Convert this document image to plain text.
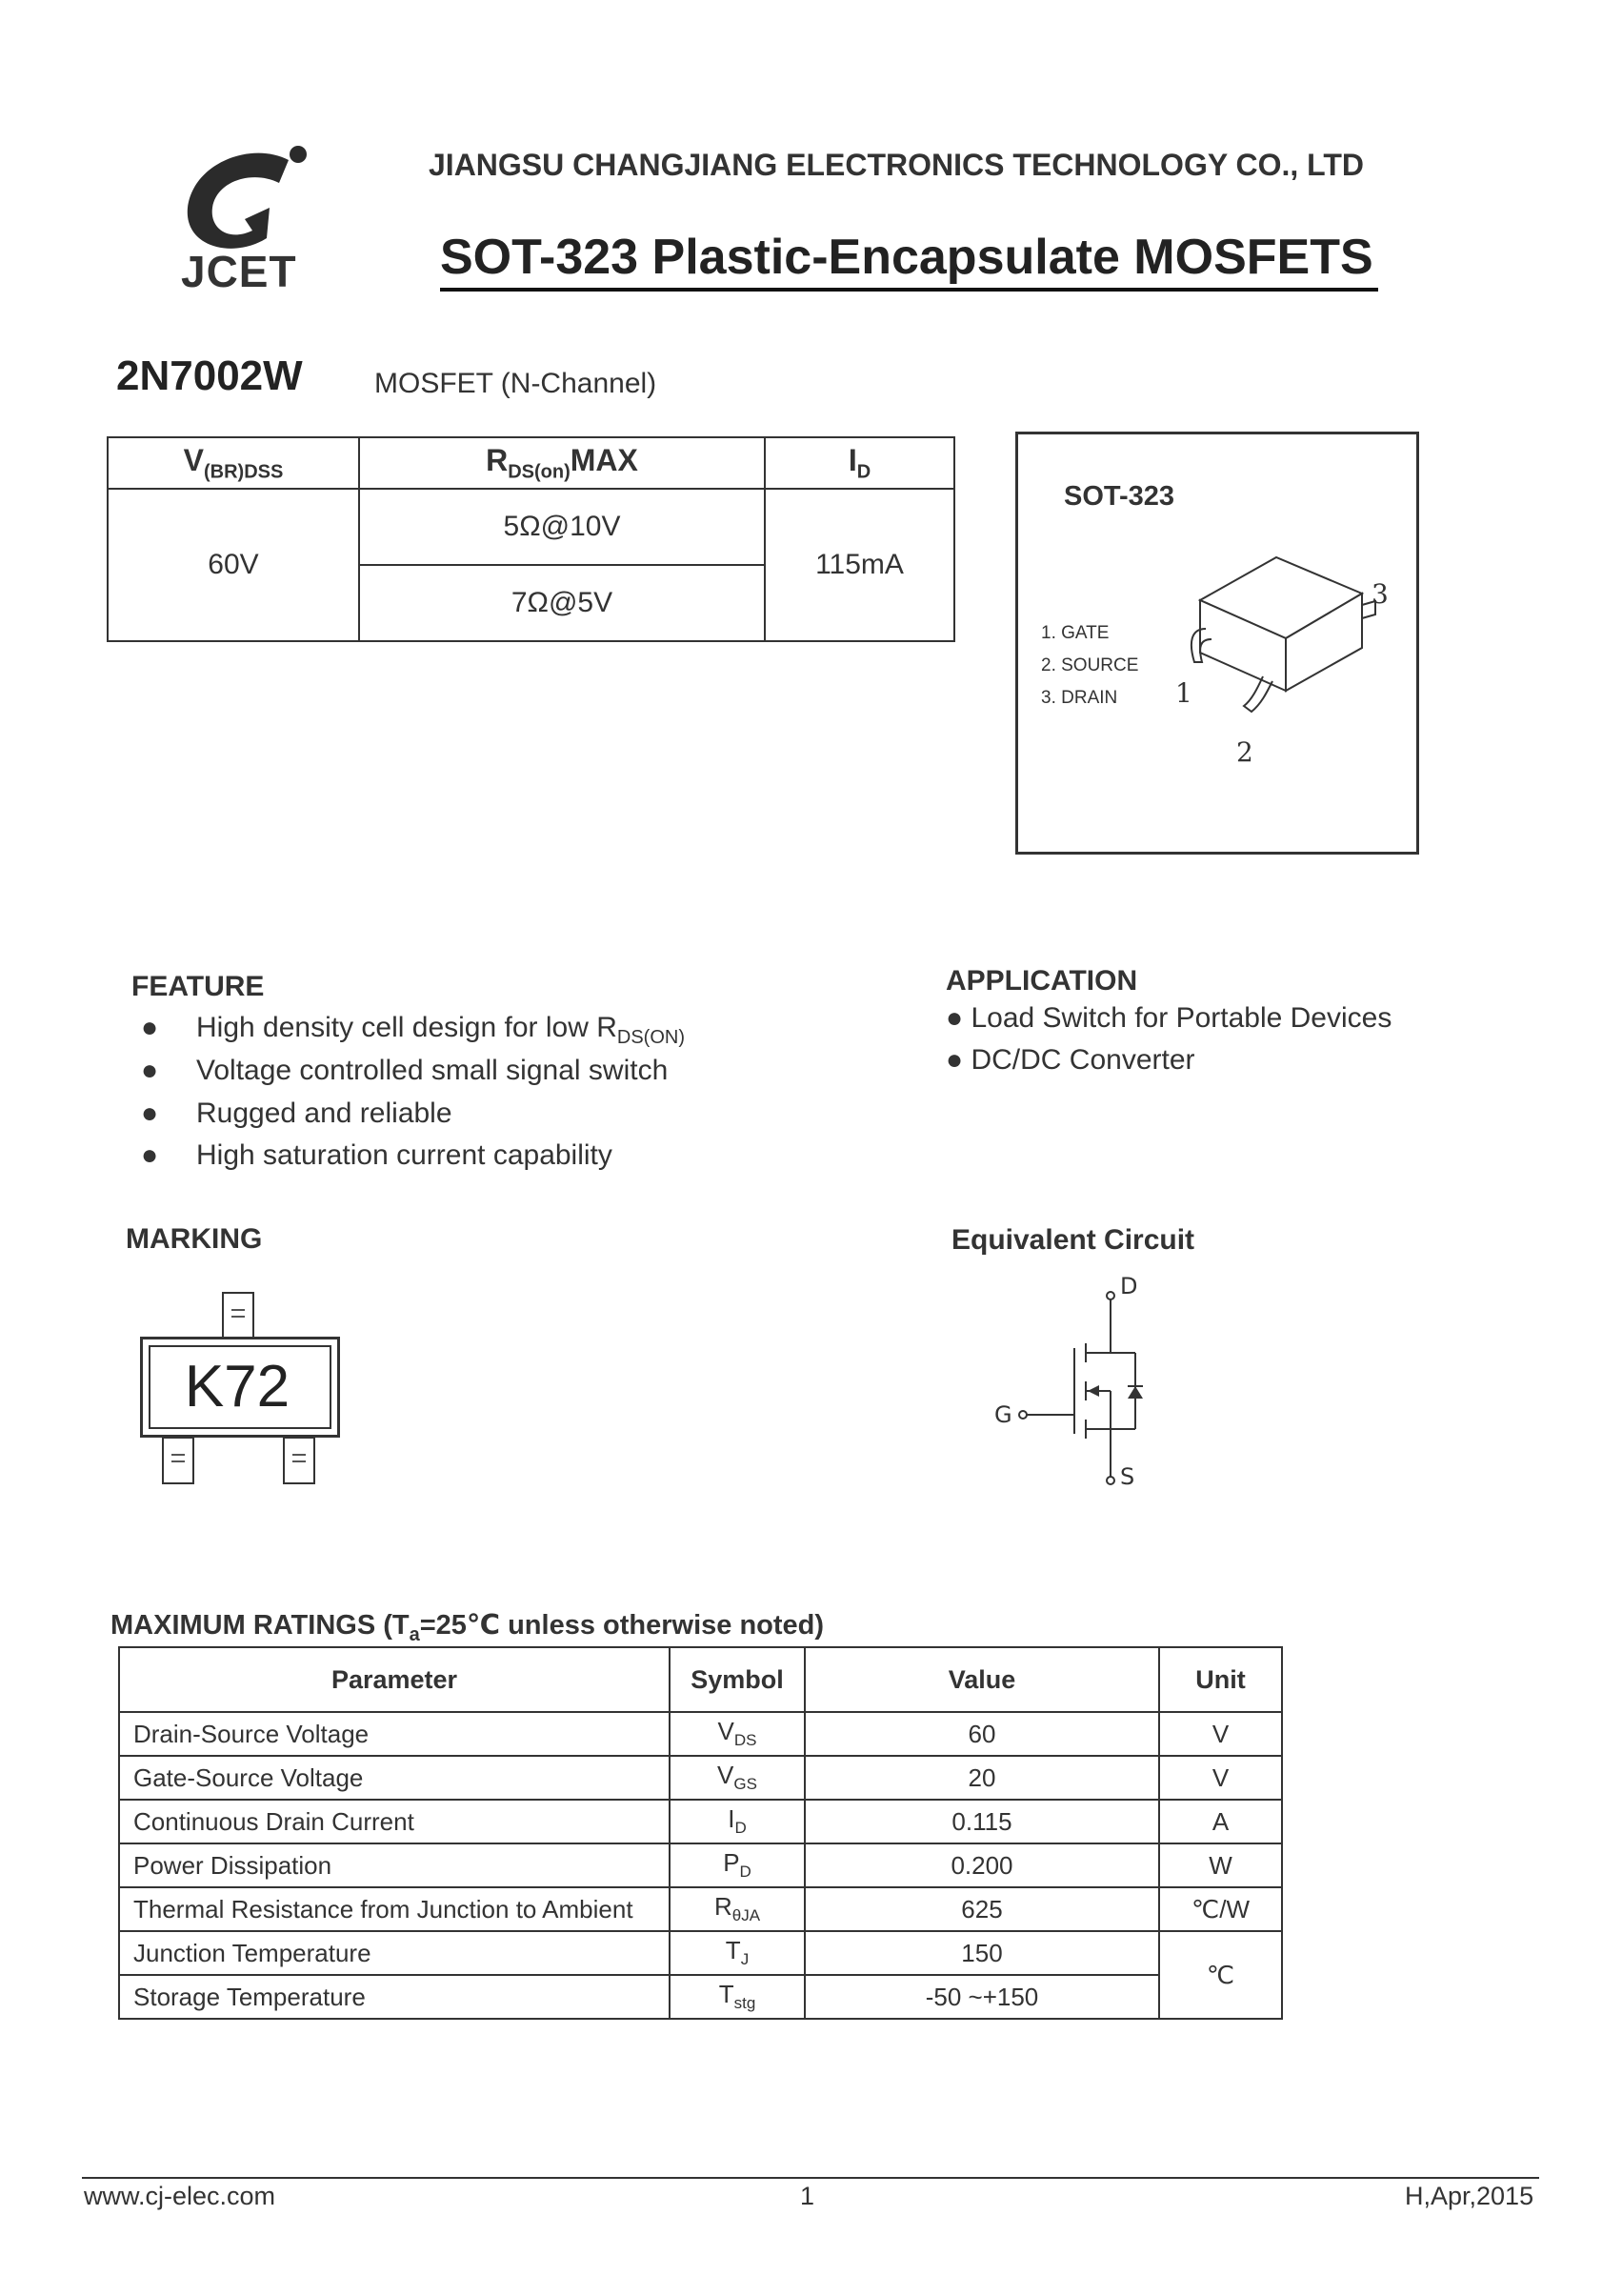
JCET
JIANGSU CHANGJIANG ELECTRONICS TECHNOLOGY CO., LTD
SOT-323 Plastic-Encapsulate MOSFETS
2N7002W	MOSFET (N-Channel)
$V_{(BR)DSS}$	$R_{DS(on)}MAX$	$I_D$
60V	5Ω@10V	115mA
	7Ω@5V	
SOT-323
1. GATE
2. SOURCE
3. DRAIN 1
2
3
FEATURE
● High density cell design for low $R_{DS(ON)}$
● Voltage controlled small signal switch
● Rugged and reliable
● High saturation current capability
APPLICATION
● Load Switch for Portable Devices
● DC/DC Converter
MARKING
K72
Equivalent Circuit
D
G
S
MAXIMUM RATINGS ($T_a=25℃$ unless otherwise noted)
Parameter	Symbol	Value	Unit
Drain-Source Voltage	$V_{DS}$	60	V
Gate-Source Voltage	$V_{GS}$	20	V
Continuous Drain Current	$I_D$	0.115	A
Power Dissipation	$P_D$	0.200	W
Thermal Resistance from Junction to Ambient	$R_{\theta JA}$	625	℃/W
Junction Temperature	$T_J$	150	℃
Storage Temperature	$T_{stg}$	-50 ~+150	
www.cj-elec.com	1	H,Apr,2015
